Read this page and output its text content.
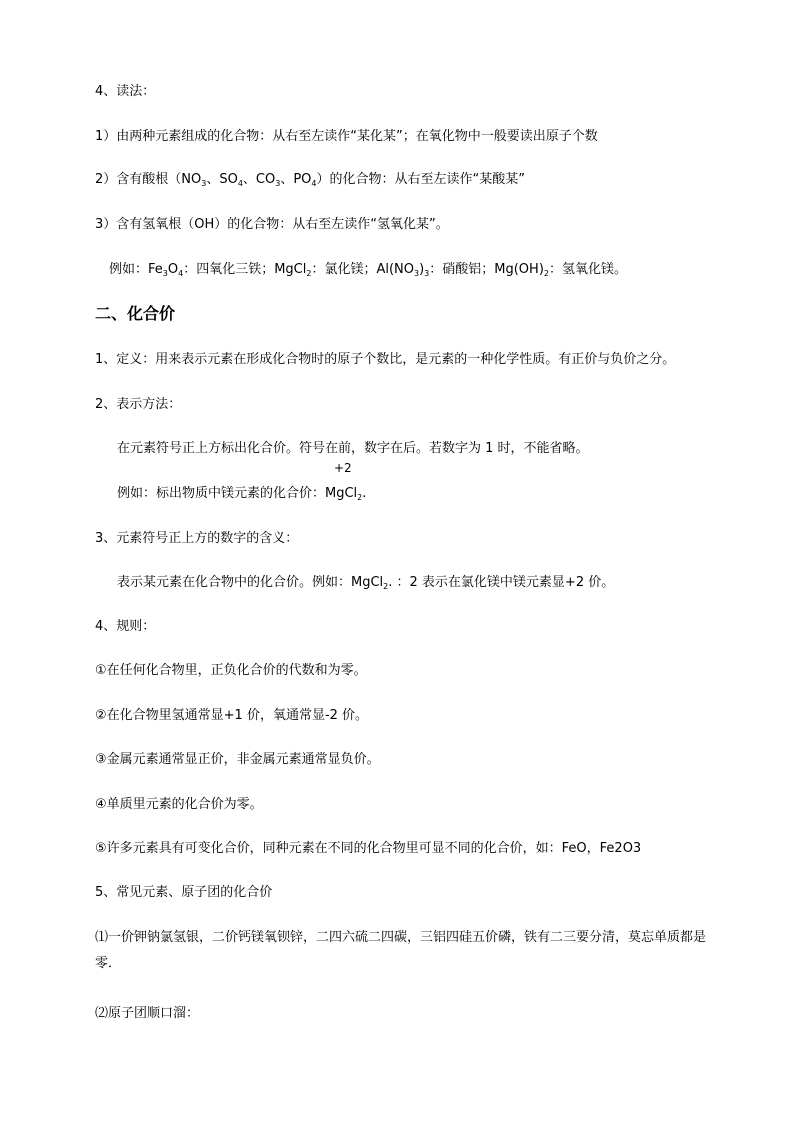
4、读法：
1）由两种元素组成的化合物：从右至左读作“某化某”；在氧化物中一般要读出原子个数
2）含有酸根（$NO_3$、$SO_4$、$CO_3$、$PO_4$）的化合物：从右至左读作“某酸某”
3）含有氢氧根（OH）的化合物：从右至左读作“氢氧化某”。
例如：$Fe_3O_4$：四氧化三铁；MgCl$_2$：氯化镁；$Al(NO_3)_3$：硝酸铝；$Mg(OH)_2$：氢氧化镁。
二、化合价
1、定义：用来表示元素在形成化合物时的原子个数比，是元素的一种化学性质。有正价与负价之分。
2、表示方法：
在元素符号正上方标出化合价。符号在前，数字在后。若数字为 1 时，不能省略。
+2
例如：标出物质中镁元素的化合价：MgCl$_2$.
3、元素符号正上方的数字的含义：
表示某元素在化合物中的化合价。例如：MgCl$_2$. ：2 表示在氯化镁中镁元素显+2 价。
4、规则：
①在任何化合物里，正负化合价的代数和为零。
②在化合物里氢通常显+1 价，氧通常显-2 价。
③金属元素通常显正价，非金属元素通常显负价。
④单质里元素的化合价为零。
⑤许多元素具有可变化合价，同种元素在不同的化合物里可显不同的化合价，如：FeO，Fe2O3
5、常见元素、原子团的化合价
⑴一价钾钠氯氢银，二价钙镁氧钡锌，二四六硫二四碳，三铝四硅五价磷，铁有二三要分清，莫忘单质都是零．
⑵原子团顺口溜：
